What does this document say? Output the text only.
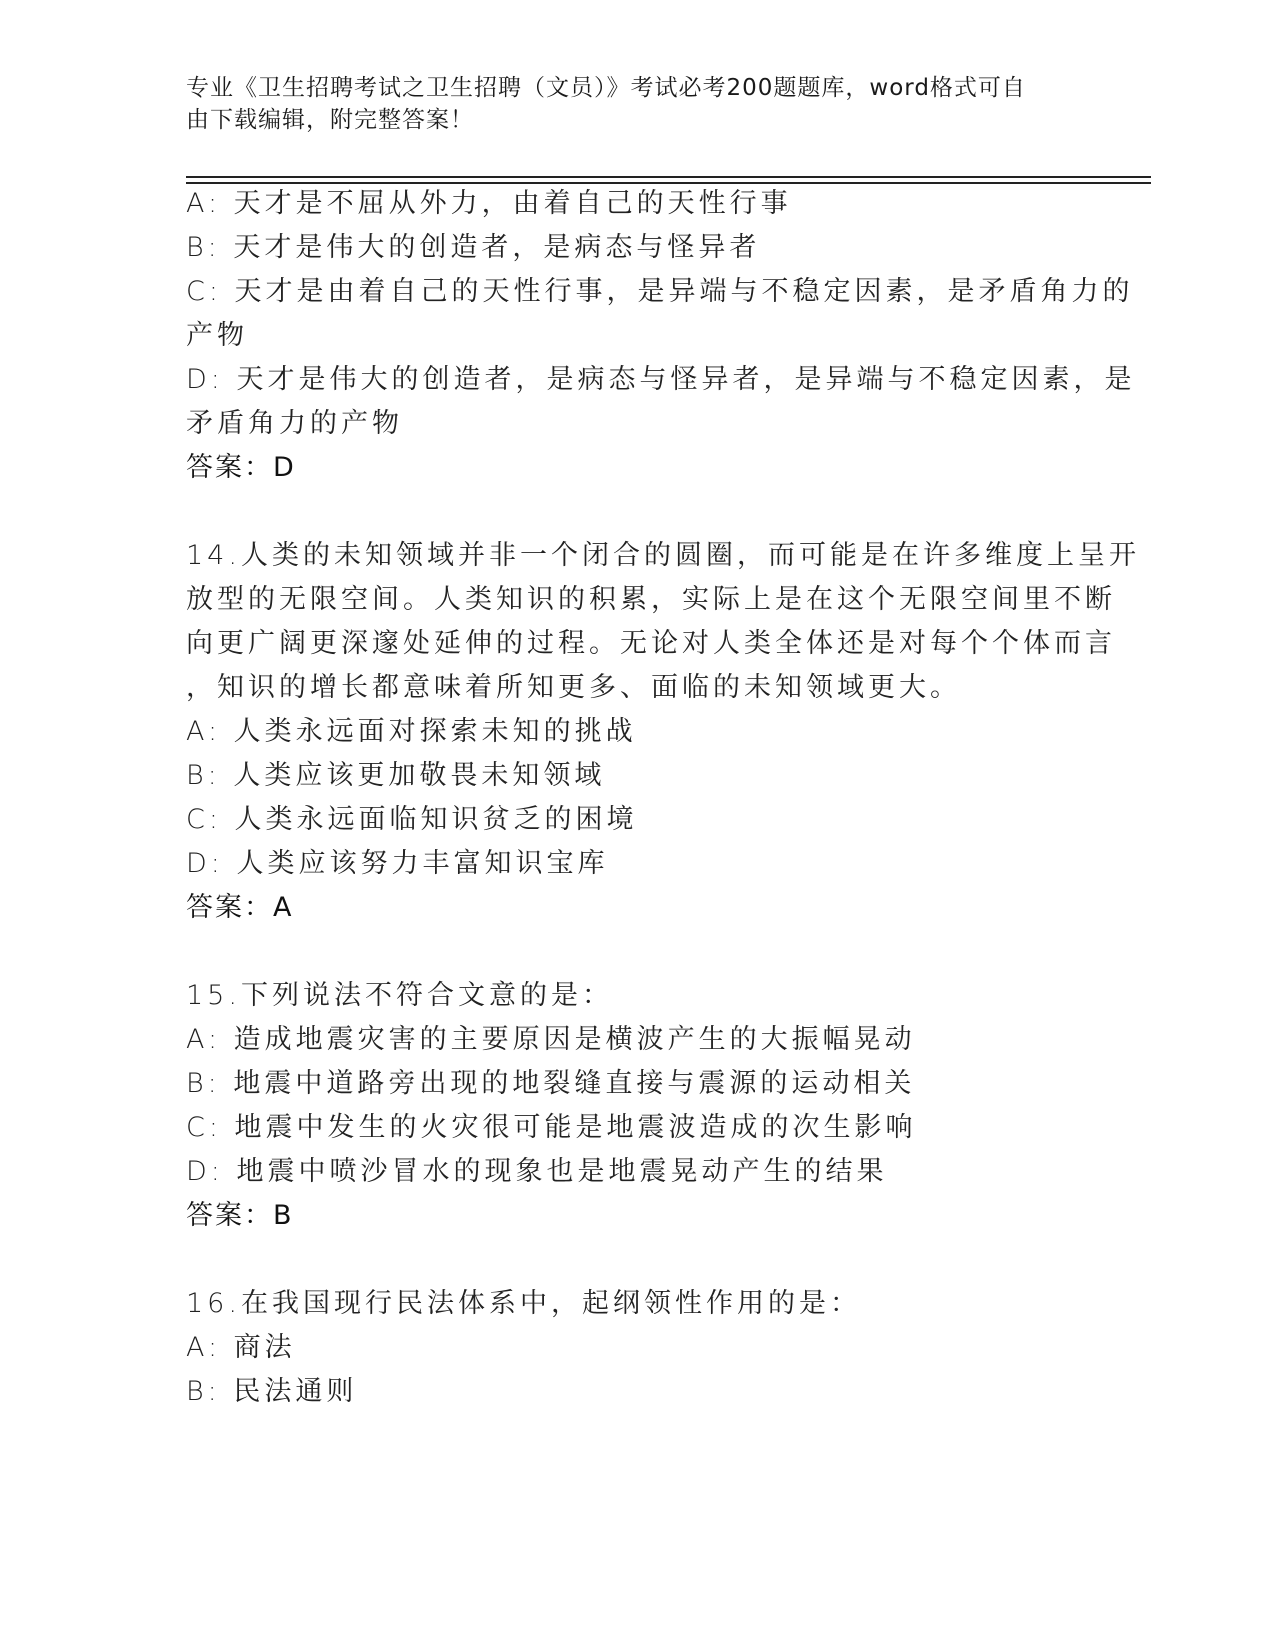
专业《卫生招聘考试之卫生招聘（文员）》考试必考200题题库，word格式可自
由下载编辑，附完整答案！
A: 天才是不屈从外力，由着自己的天性行事
B: 天才是伟大的创造者，是病态与怪异者
C: 天才是由着自己的天性行事，是异端与不稳定因素，是矛盾角力的
产物
D: 天才是伟大的创造者，是病态与怪异者，是异端与不稳定因素，是
矛盾角力的产物
答案：D
14.人类的未知领域并非一个闭合的圆圈，而可能是在许多维度上呈开
放型的无限空间。人类知识的积累，实际上是在这个无限空间里不断
向更广阔更深邃处延伸的过程。无论对人类全体还是对每个个体而言
，知识的增长都意味着所知更多、面临的未知领域更大。
A: 人类永远面对探索未知的挑战
B: 人类应该更加敬畏未知领域
C: 人类永远面临知识贫乏的困境
D: 人类应该努力丰富知识宝库
答案：A
15.下列说法不符合文意的是：
A: 造成地震灾害的主要原因是横波产生的大振幅晃动
B: 地震中道路旁出现的地裂缝直接与震源的运动相关
C: 地震中发生的火灾很可能是地震波造成的次生影响
D: 地震中喷沙冒水的现象也是地震晃动产生的结果
答案：B
16.在我国现行民法体系中，起纲领性作用的是：
A: 商法
B: 民法通则
